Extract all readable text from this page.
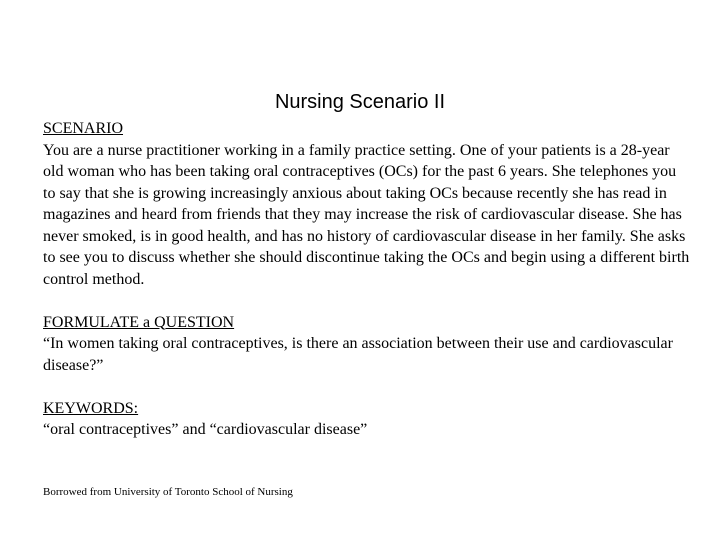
Nursing Scenario II
SCENARIO
You are a nurse practitioner working in a family practice setting. One of your patients is a 28-year old woman who has been taking oral contraceptives (OCs) for the past 6 years. She telephones you to say that she is growing increasingly anxious about taking OCs because recently she has read in magazines and heard from friends that they may increase the risk of cardiovascular disease. She has never smoked, is in good health, and has no history of cardiovascular disease in her family. She asks to see you to discuss whether she should discontinue taking the OCs and begin using a different birth control method.
FORMULATE a QUESTION
“In women taking oral contraceptives, is there an association between their use and cardiovascular disease?”
KEYWORDS:
“oral contraceptives” and “cardiovascular disease”
Borrowed from University of Toronto School of Nursing
